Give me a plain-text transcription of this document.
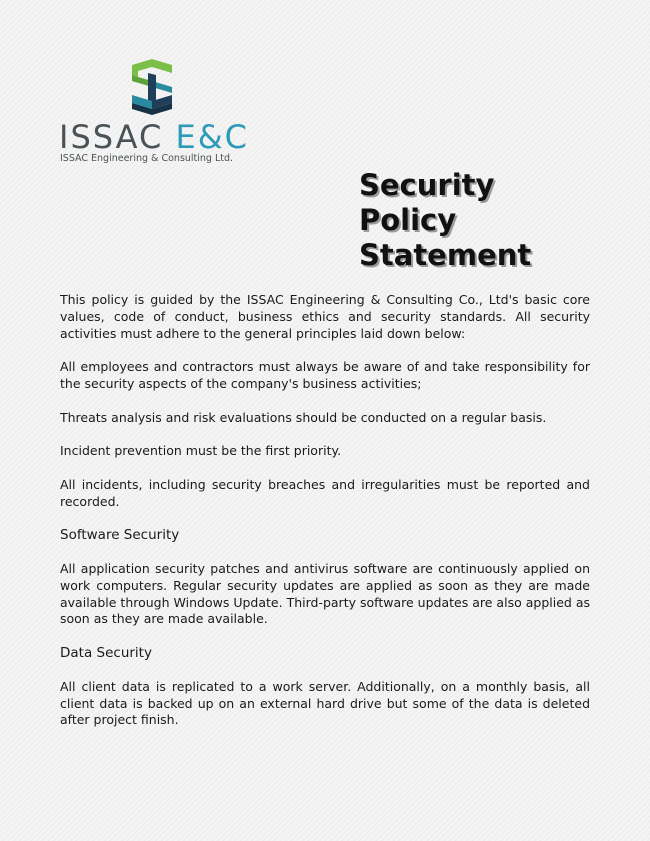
ISSAC E&C
ISSAC Engineering & Consulting Ltd.
Security
Policy
Statement

This policy is guided by the ISSAC Engineering & Consulting Co., Ltd's basic core values, code of conduct, business ethics and security standards. All security activities must adhere to the general principles laid down below:

All employees and contractors must always be aware of and take responsibility for the security aspects of the company's business activities;

Threats analysis and risk evaluations should be conducted on a regular basis.

Incident prevention must be the first priority.

All incidents, including security breaches and irregularities must be reported and recorded.

Software Security

All application security patches and antivirus software are continuously applied on work computers. Regular security updates are applied as soon as they are made available through Windows Update. Third-party software updates are also applied as soon as they are made available.

Data Security

All client data is replicated to a work server. Additionally, on a monthly basis, all client data is backed up on an external hard drive but some of the data is deleted after project finish.
